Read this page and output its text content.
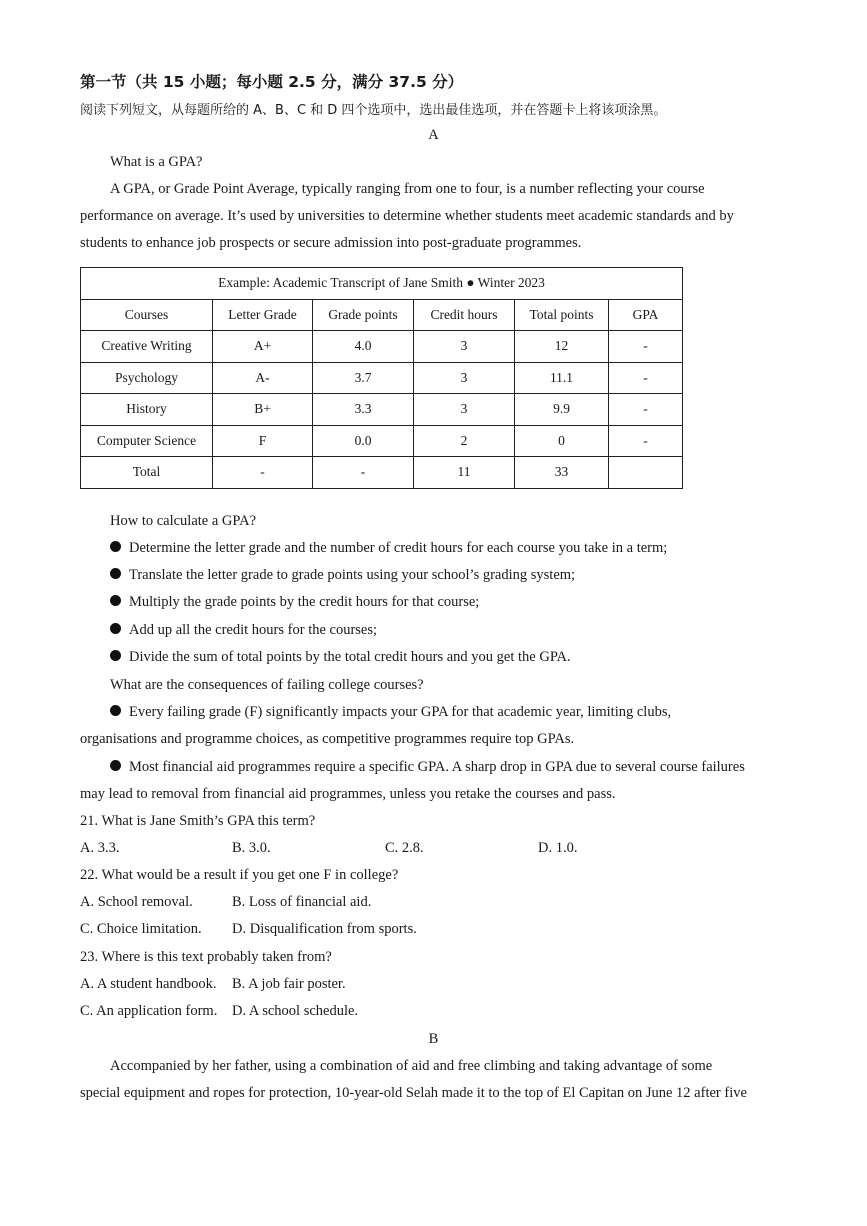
第一节（共 15 小题；每小题 2.5 分，满分 37.5 分）
阅读下列短文，从每题所给的 A、B、C 和 D 四个选项中，选出最佳选项，并在答题卡上将该项涂黑。
A
What is a GPA?
A GPA, or Grade Point Average, typically ranging from one to four, is a number reflecting your course
performance on average. It’s used by universities to determine whether students meet academic standards and by
students to enhance job prospects or secure admission into post-graduate programmes.
Example: Academic Transcript of Jane Smith ● Winter 2023					
Courses	Letter Grade	Grade points	Credit hours	Total points	GPA
Creative Writing	A+	4.0	3	12	-
Psychology	A-	3.7	3	11.1	-
History	B+	3.3	3	9.9	-
Computer Science	F	0.0	2	0	-
Total	-	-	11	33	
How to calculate a GPA?
Determine the letter grade and the number of credit hours for each course you take in a term;
Translate the letter grade to grade points using your school’s grading system;
Multiply the grade points by the credit hours for that course;
Add up all the credit hours for the courses;
Divide the sum of total points by the total credit hours and you get the GPA.
What are the consequences of failing college courses?
Every failing grade (F) significantly impacts your GPA for that academic year, limiting clubs,
organisations and programme choices, as competitive programmes require top GPAs.
Most financial aid programmes require a specific GPA. A sharp drop in GPA due to several course failures
may lead to removal from financial aid programmes, unless you retake the courses and pass.
21. What is Jane Smith’s GPA this term?
A. 3.3.	B. 3.0.	C. 2.8.	D. 1.0.
22. What would be a result if you get one F in college?
A. School removal.	B. Loss of financial aid.
C. Choice limitation. D. Disqualification from sports.
23. Where is this text probably taken from?
A. A student handbook. B. A job fair poster.
C. An application form. D. A school schedule.
B
Accompanied by her father, using a combination of aid and free climbing and taking advantage of some
special equipment and ropes for protection, 10-year-old Selah made it to the top of El Capitan on June 12 after five
